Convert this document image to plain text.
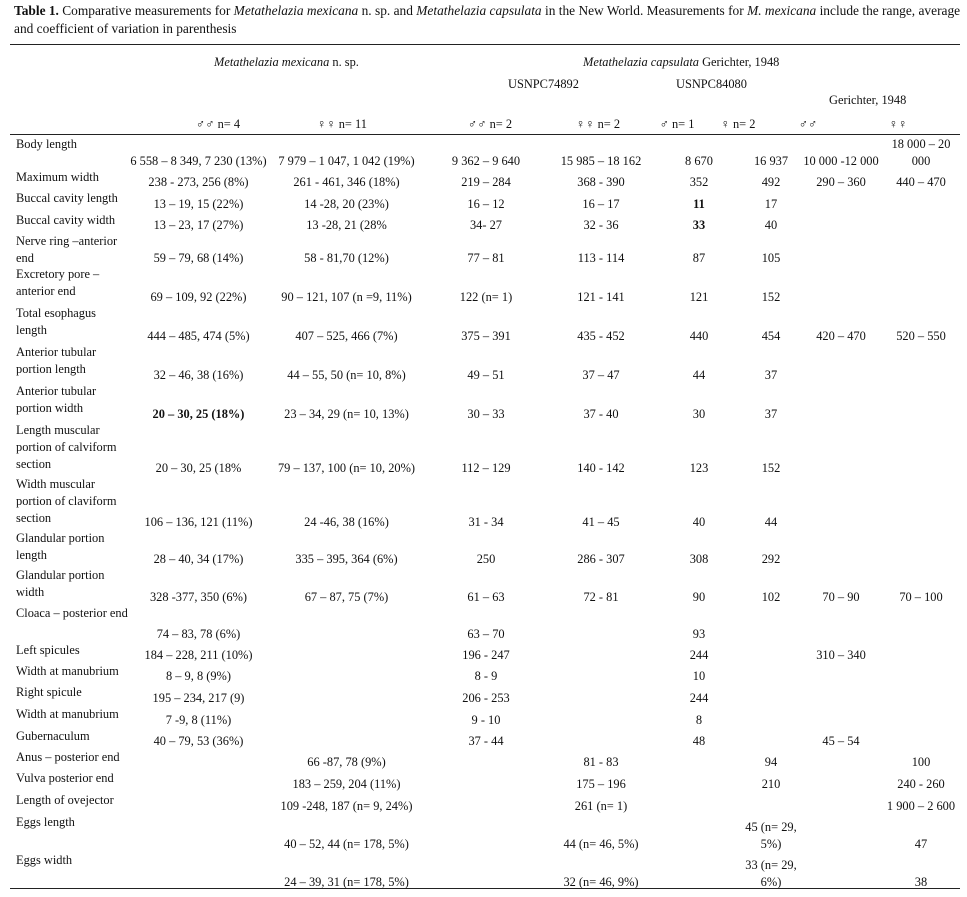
Table 1. Comparative measurements for Metathelazia mexicana n. sp. and Metathelazia capsulata in the New World. Measurements for M. mexicana include the range, average and coefficient of variation in parenthesis
Metathelazia mexicana n. sp.	Metathelazia capsulata Gerichter, 1948
USNPC74892	USNPC84080
Gerichter, 1948
♂♂ n= 4	♀♀ n= 11	♂♂ n= 2	♀♀ n= 2	♂ n= 1	♀ n= 2	♂♂	♀♀
Body length	6 558 – 8 349, 7 230 (13%)	7 979 – 1 047, 1 042 (19%)	9 362 – 9 640	15 985 – 18 162	8 670	16 937	10 000 -12 000	18 000 – 20 000
Maximum width	238 - 273, 256 (8%)	261 - 461, 346 (18%)	219 – 284	368 - 390	352	492	290 – 360	440 – 470
Buccal cavity length	13 – 19, 15 (22%)	14 -28, 20 (23%)	16 – 12	16 – 17	11	17		
Buccal cavity width	13 – 23, 17 (27%)	13 -28, 21 (28%	34- 27	32 - 36	33	40		
Nerve ring –anterior end	59 – 79, 68 (14%)	58 - 81,70 (12%)	77 – 81	113 - 114	87	105		
Excretory pore – anterior end	69 – 109, 92 (22%)	90 – 121, 107 (n =9, 11%)	122 (n= 1)	121 - 141	121	152		
Total esophagus length	444 – 485, 474 (5%)	407 – 525, 466 (7%)	375 – 391	435 - 452	440	454	420 – 470	520 – 550
Anterior tubular portion length	32 – 46, 38 (16%)	44 – 55, 50 (n= 10, 8%)	49 – 51	37 – 47	44	37		
Anterior tubular portion width	20 – 30, 25 (18%)	23 – 34, 29 (n= 10, 13%)	30 – 33	37 - 40	30	37		
Length muscular portion of calviform section	20 – 30, 25 (18%	79 – 137, 100 (n= 10, 20%)	112 – 129	140 - 142	123	152		
Width muscular portion of claviform section	106 – 136, 121 (11%)	24 -46, 38 (16%)	31 - 34	41 – 45	40	44		
Glandular portion length	28 – 40, 34 (17%)	335 – 395, 364 (6%)	250	286 - 307	308	292		
Glandular portion width	328 -377, 350 (6%)	67 – 87, 75 (7%)	61 – 63	72 - 81	90	102	70 – 90	70 – 100
Cloaca – posterior end	74 – 83, 78 (6%)		63 – 70		93			
Left spicules	184 – 228, 211 (10%)		196 - 247		244		310 – 340	
Width at manubrium	8 – 9, 8 (9%)		8 - 9		10			
Right spicule	195 – 234, 217 (9)		206 - 253		244			
Width at manubrium	7 -9, 8 (11%)		9 - 10		8			
Gubernaculum	40 – 79, 53 (36%)		37 - 44		48		45 – 54	
Anus – posterior end		66 -87, 78 (9%)		81 - 83		94		100
Vulva posterior end		183 – 259, 204 (11%)		175 – 196		210		240 - 260
Length of ovejector		109 -248, 187 (n= 9, 24%)		261 (n= 1)				1 900 – 2 600
Eggs length		40 – 52, 44 (n= 178, 5%)		44 (n= 46, 5%)		45 (n= 29, 5%)		47
Eggs width		24 – 39, 31 (n= 178, 5%)		32 (n= 46, 9%)		33 (n= 29, 6%)		38
